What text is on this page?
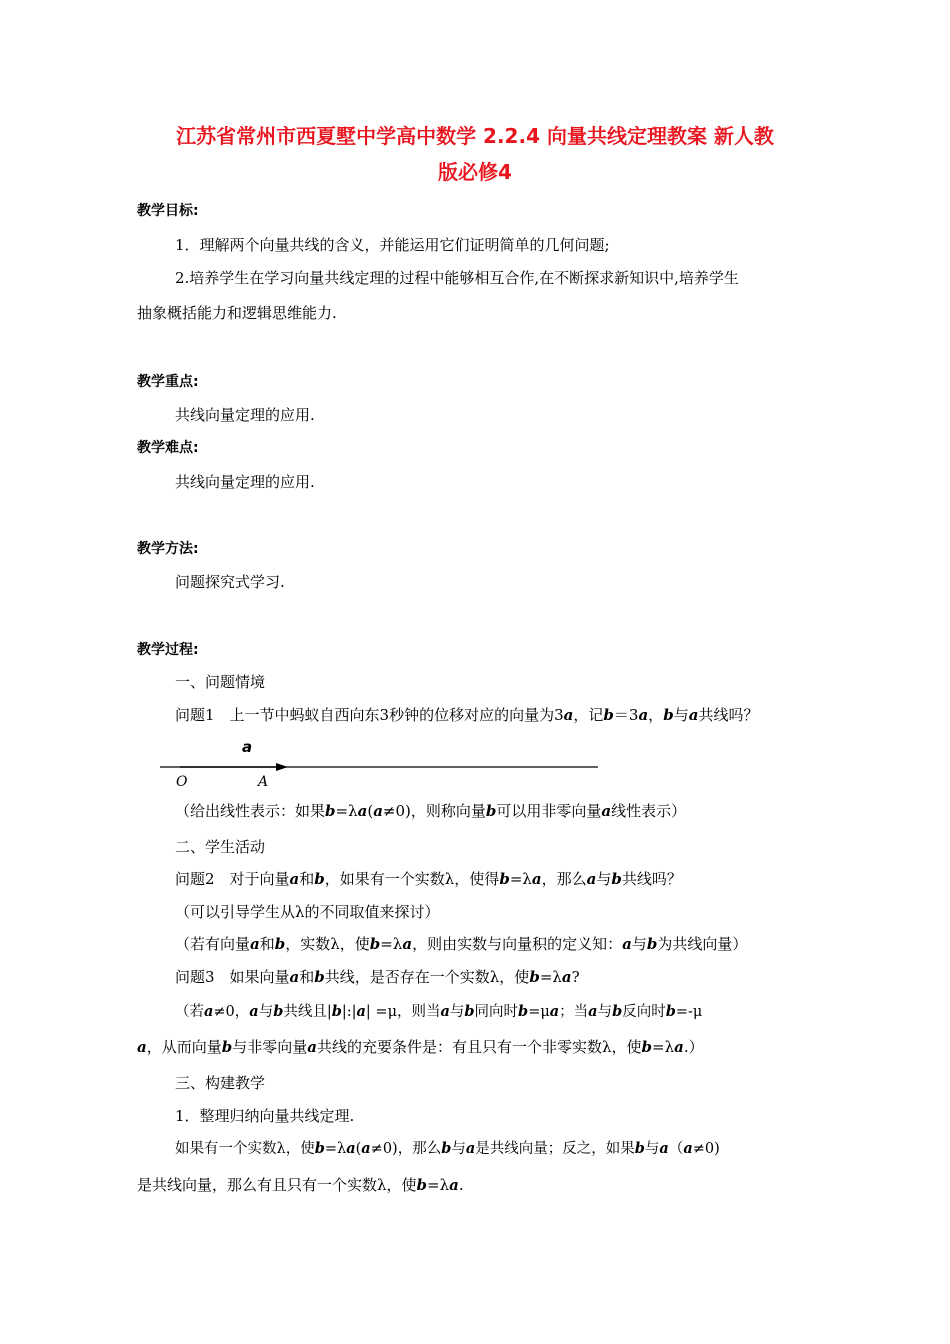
江苏省常州市西夏墅中学高中数学 2.2.4 向量共线定理教案 新人教
版必修4
教学目标:
1．理解两个向量共线的含义，并能运用它们证明简单的几何问题;
2.培养学生在学习向量共线定理的过程中能够相互合作,在不断探求新知识中,培养学生
抽象概括能力和逻辑思维能力.
教学重点:
共线向量定理的应用.
教学难点:
共线向量定理的应用.
教学方法:
问题探究式学习.
教学过程:
一、问题情境
问题1　上一节中蚂蚁自西向东3秒钟的位移对应的向量为3a，记b＝3a，b与a共线吗？
a
O	A
（给出线性表示：如果b=λa(a≠0)，则称向量b可以用非零向量a线性表示）
二、学生活动
问题2　对于向量a和b，如果有一个实数λ，使得b=λa，那么a与b共线吗？
（可以引导学生从λ的不同取值来探讨）
（若有向量a和b，实数λ，使b=λa，则由实数与向量积的定义知：a与b为共线向量）
问题3　如果向量a和b共线，是否存在一个实数λ，使b=λa?
（若a≠0，a与b共线且|b|:|a| =μ，则当a与b同向时b=μa；当a与b反向时b=-μ
a，从而向量b与非零向量a共线的充要条件是：有且只有一个非零实数λ，使b=λa.）
三、构建教学
1．整理归纳向量共线定理.
如果有一个实数λ，使b=λa(a≠0)，那么b与a是共线向量；反之，如果b与a（a≠0)
是共线向量，那么有且只有一个实数λ，使b=λa.
